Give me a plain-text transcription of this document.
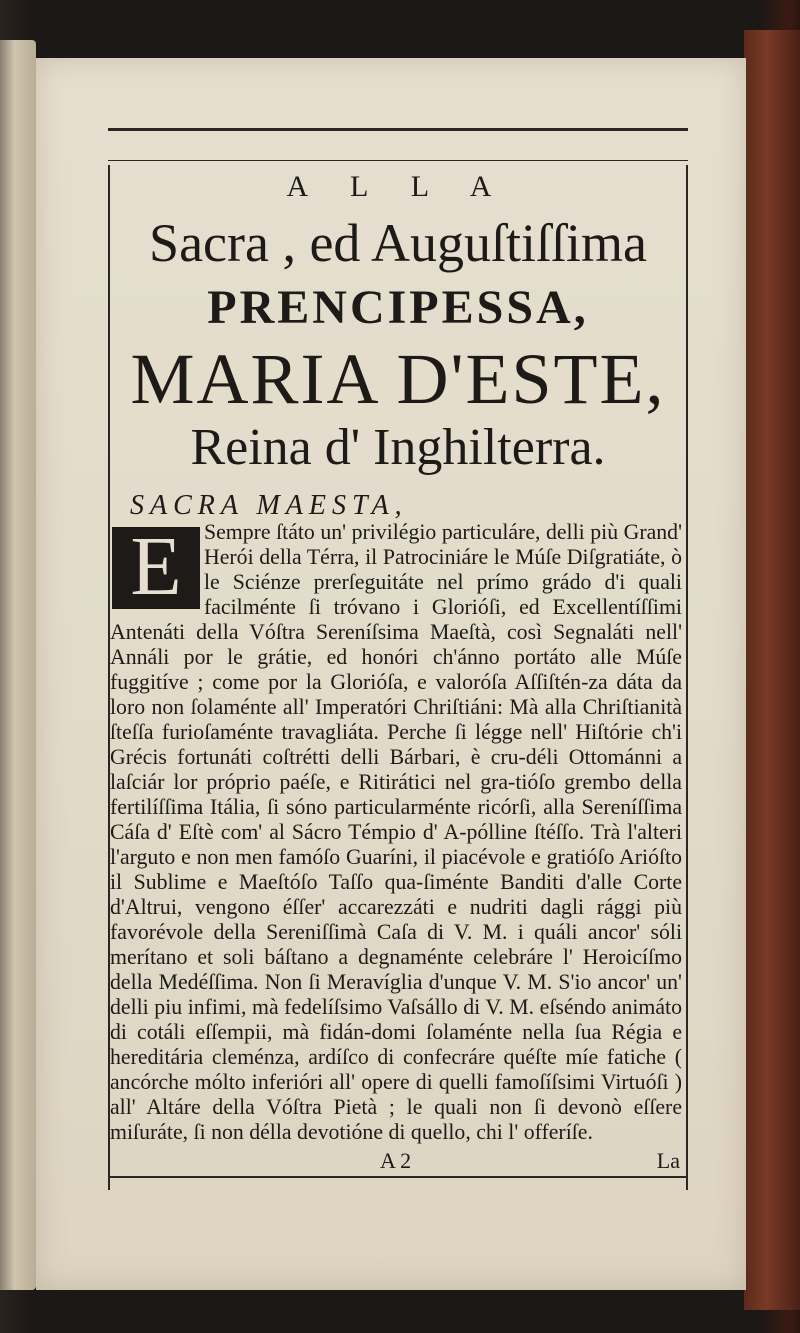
A L L A
Sacra , ed Auguſtiſſima
PRENCIPESSA,
MARIA D'ESTE,
Reina d' Inghilterra.
SACRA MAESTA,
Sempre ſtáto un' privilégio particuláre, delli più Grand' Herói della Térra, il Patrociniáre le Múſe Diſgratiáte, ò le Sciénze prerſeguitáte nel prímo grádo d'i quali facilménte ſi tróvano i Glorióſi, ed Excellentíſſimi Antenáti della Vóſtra Sereníſsima Maeſtà, così Segnaláti nell' Annáli por le grátie, ed honóri ch'ánno portáto alle Múſe fuggitíve ; come por la Glorióſa, e valoróſa Aſſiſtén-za dáta da loro non ſolaménte all' Imperatóri Chriſtiáni: Mà alla Chriſtianità ſteſſa furioſaménte travagliáta. Perche ſi légge nell' Hiſtórie ch'i Grécis fortunáti coſtrétti delli Bárbari, è cru-déli Ottománni a laſciár lor próprio paéſe, e Ritirátici nel gra-tióſo grembo della fertilíſſima Itália, ſi sóno particularménte ricórſi, alla Sereníſſima Cáſa d' Eſtè com' al Sácro Témpio d' A-pólline ſtéſſo. Trà l'alteri l'arguto e non men famóſo Guaríni, il piacévole e gratióſo Arióſto il Sublime e Maeſtóſo Taſſo qua-ſiménte Banditi d'alle Corte d'Altrui, vengono éſſer' accarezzáti e nudriti dagli rággi più favorévole della Sereniſſimà Caſa di V. M. i quáli ancor' sóli merítano et soli báſtano a degnaménte celebráre l' Heroicíſmo della Medéſſima. Non ſi Meravíglia d'unque V. M. S'io ancor' un' delli piu infimi, mà fedelíſsimo Vaſsállo di V. M. eſséndo animáto di cotáli eſſempii, mà fidán-domi ſolaménte nella ſua Régia e hereditária cleménza, ardíſco di confecráre quéſte míe fatiche ( ancórche mólto inferióri all' opere di quelli famoſíſsimi Virtuóſi ) all' Altáre della Vóſtra Pietà ; le quali non ſi devonò eſſere miſuráte, ſi non délla devotióne di quello, chi l' offeríſe.
E
A 2	La
